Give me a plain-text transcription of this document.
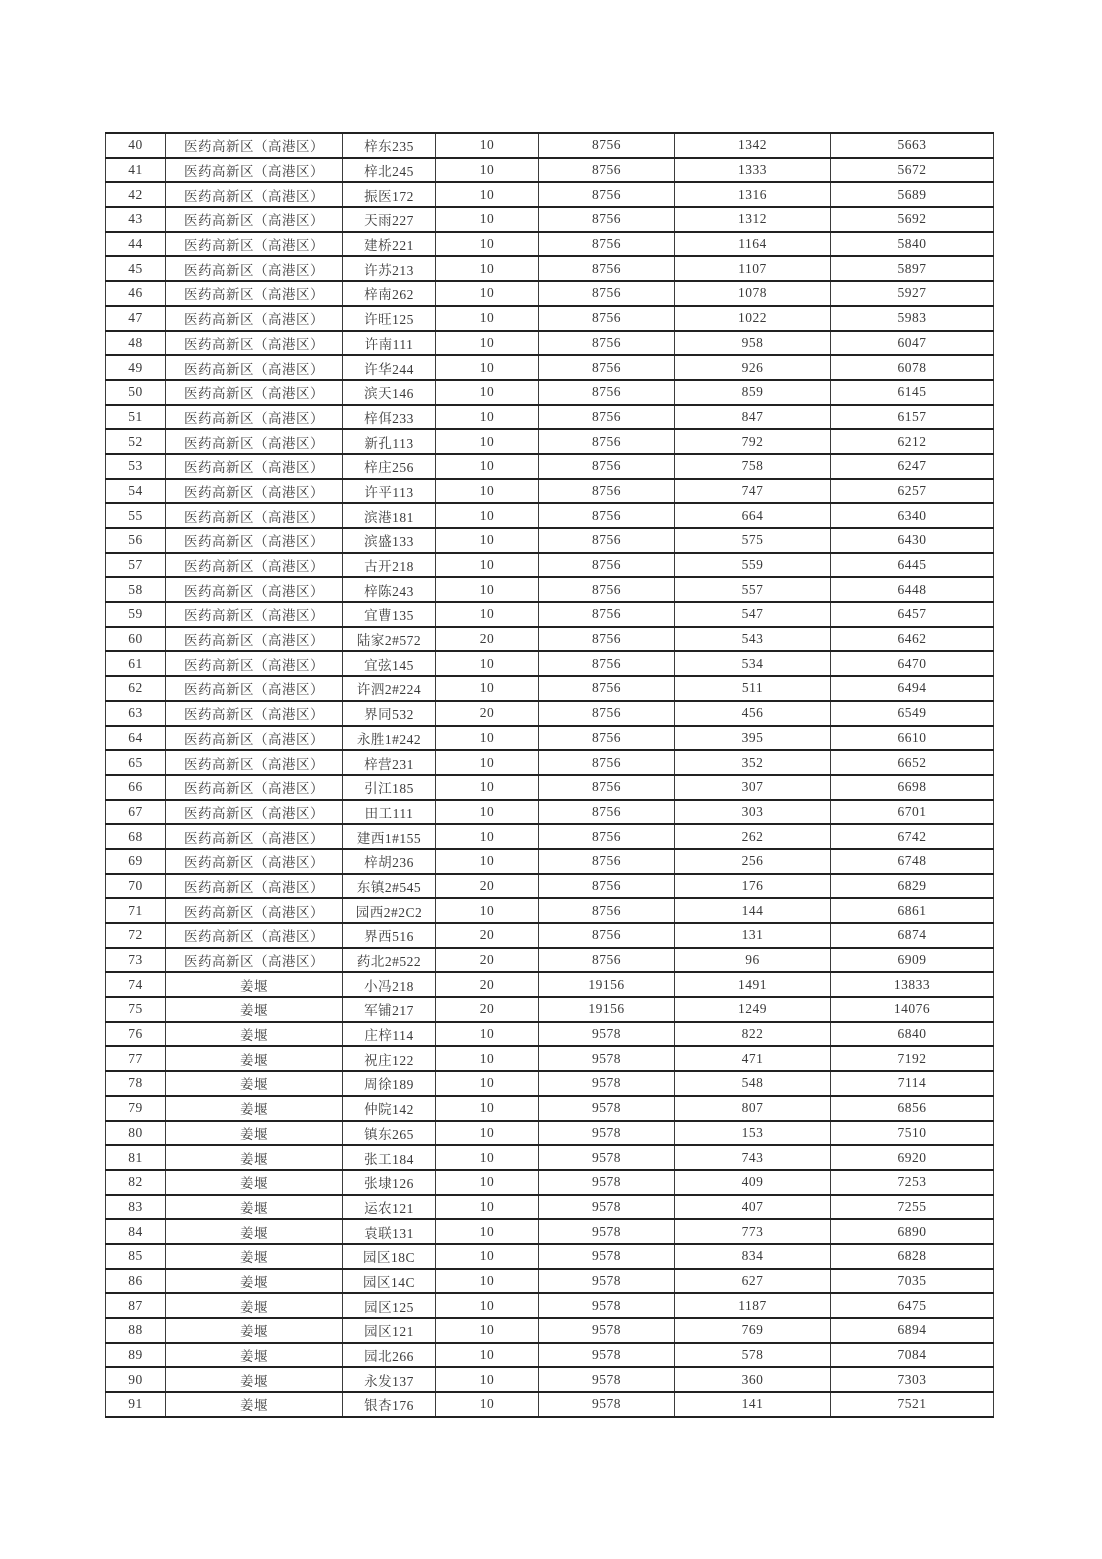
40	医药高新区（高港区）	梓东235	10	8756	1342	5663
41	医药高新区（高港区）	梓北245	10	8756	1333	5672
42	医药高新区（高港区）	振医172	10	8756	1316	5689
43	医药高新区（高港区）	天雨227	10	8756	1312	5692
44	医药高新区（高港区）	建桥221	10	8756	1164	5840
45	医药高新区（高港区）	许苏213	10	8756	1107	5897
46	医药高新区（高港区）	梓南262	10	8756	1078	5927
47	医药高新区（高港区）	许旺125	10	8756	1022	5983
48	医药高新区（高港区）	许南111	10	8756	958	6047
49	医药高新区（高港区）	许华244	10	8756	926	6078
50	医药高新区（高港区）	滨天146	10	8756	859	6145
51	医药高新区（高港区）	梓佴233	10	8756	847	6157
52	医药高新区（高港区）	新孔113	10	8756	792	6212
53	医药高新区（高港区）	梓庄256	10	8756	758	6247
54	医药高新区（高港区）	许平113	10	8756	747	6257
55	医药高新区（高港区）	滨港181	10	8756	664	6340
56	医药高新区（高港区）	滨盛133	10	8756	575	6430
57	医药高新区（高港区）	古开218	10	8756	559	6445
58	医药高新区（高港区）	梓陈243	10	8756	557	6448
59	医药高新区（高港区）	宜曹135	10	8756	547	6457
60	医药高新区（高港区）	陆家2#572	20	8756	543	6462
61	医药高新区（高港区）	宜弦145	10	8756	534	6470
62	医药高新区（高港区）	许泗2#224	10	8756	511	6494
63	医药高新区（高港区）	界同532	20	8756	456	6549
64	医药高新区（高港区）	永胜1#242	10	8756	395	6610
65	医药高新区（高港区）	梓营231	10	8756	352	6652
66	医药高新区（高港区）	引江185	10	8756	307	6698
67	医药高新区（高港区）	田工111	10	8756	303	6701
68	医药高新区（高港区）	建西1#155	10	8756	262	6742
69	医药高新区（高港区）	梓胡236	10	8756	256	6748
70	医药高新区（高港区）	东镇2#545	20	8756	176	6829
71	医药高新区（高港区）	园西2#2C2	10	8756	144	6861
72	医药高新区（高港区）	界西516	20	8756	131	6874
73	医药高新区（高港区）	药北2#522	20	8756	96	6909
74	姜堰	小冯218	20	19156	1491	13833
75	姜堰	军铺217	20	19156	1249	14076
76	姜堰	庄梓114	10	9578	822	6840
77	姜堰	祝庄122	10	9578	471	7192
78	姜堰	周徐189	10	9578	548	7114
79	姜堰	仲院142	10	9578	807	6856
80	姜堰	镇东265	10	9578	153	7510
81	姜堰	张工184	10	9578	743	6920
82	姜堰	张埭126	10	9578	409	7253
83	姜堰	运农121	10	9578	407	7255
84	姜堰	袁联131	10	9578	773	6890
85	姜堰	园区18C	10	9578	834	6828
86	姜堰	园区14C	10	9578	627	7035
87	姜堰	园区125	10	9578	1187	6475
88	姜堰	园区121	10	9578	769	6894
89	姜堰	园北266	10	9578	578	7084
90	姜堰	永发137	10	9578	360	7303
91	姜堰	银杏176	10	9578	141	7521
